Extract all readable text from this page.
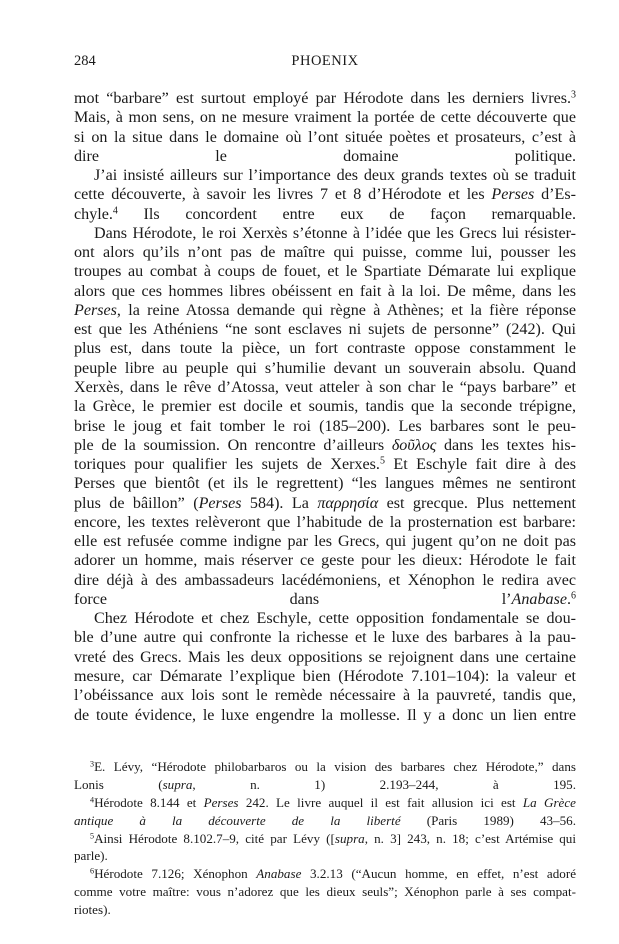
284	PHOENIX
mot “barbare” est surtout employé par Hérodote dans les derniers livres.$^3$
Mais, à mon sens, on ne mesure vraiment la portée de cette découverte que
si on la situe dans le domaine où l’ont située poètes et prosateurs, c’est à
dire le domaine politique.
J’ai insisté ailleurs sur l’importance des deux grands textes où se traduit
cette découverte, à savoir les livres 7 et 8 d’Hérodote et les Perses d’Es-
chyle.$^4$ Ils concordent entre eux de façon remarquable.
Dans Hérodote, le roi Xerxès s’étonne à l’idée que les Grecs lui résister-
ont alors qu’ils n’ont pas de maître qui puisse, comme lui, pousser les
troupes au combat à coups de fouet, et le Spartiate Démarate lui explique
alors que ces hommes libres obéissent en fait à la loi. De même, dans les
Perses, la reine Atossa demande qui règne à Athènes; et la fière réponse
est que les Athéniens “ne sont esclaves ni sujets de personne” (242). Qui
plus est, dans toute la pièce, un fort contraste oppose constamment le
peuple libre au peuple qui s’humilie devant un souverain absolu. Quand
Xerxès, dans le rêve d’Atossa, veut atteler à son char le “pays barbare” et
la Grèce, le premier est docile et soumis, tandis que la seconde trépigne,
brise le joug et fait tomber le roi (185–200). Les barbares sont le peu-
ple de la soumission. On rencontre d’ailleurs δοῦλος dans les textes his-
toriques pour qualifier les sujets de Xerxes.$^5$ Et Eschyle fait dire à des
Perses que bientôt (et ils le regrettent) “les langues mêmes ne sentiront
plus de bâillon” (Perses 584). La παρρησία est grecque. Plus nettement
encore, les textes relèveront que l’habitude de la prosternation est barbare:
elle est refusée comme indigne par les Grecs, qui jugent qu’on ne doit pas
adorer un homme, mais réserver ce geste pour les dieux: Hérodote le fait
dire déjà à des ambassadeurs lacédémoniens, et Xénophon le redira avec
force dans l’Anabase.$^6$
Chez Hérodote et chez Eschyle, cette opposition fondamentale se dou-
ble d’une autre qui confronte la richesse et le luxe des barbares à la pau-
vreté des Grecs. Mais les deux oppositions se rejoignent dans une certaine
mesure, car Démarate l’explique bien (Hérodote 7.101–104): la valeur et
l’obéissance aux lois sont le remède nécessaire à la pauvreté, tandis que,
de toute évidence, le luxe engendre la mollesse. Il y a donc un lien entre
$^3$E. Lévy, “Hérodote philobarbaros ou la vision des barbares chez Hérodote,” dans
Lonis (supra, n. 1) 2.193–244, à 195.
$^4$Hérodote 8.144 et Perses 242. Le livre auquel il est fait allusion ici est La Grèce
antique à la découverte de la liberté (Paris 1989) 43–56.
$^5$Ainsi Hérodote 8.102.7–9, cité par Lévy ([supra, n. 3] 243, n. 18; c’est Artémise qui
parle).
$^6$Hérodote 7.126; Xénophon Anabase 3.2.13 (“Aucun homme, en effet, n’est adoré
comme votre maître: vous n’adorez que les dieux seuls”; Xénophon parle à ses compat-
riotes).
